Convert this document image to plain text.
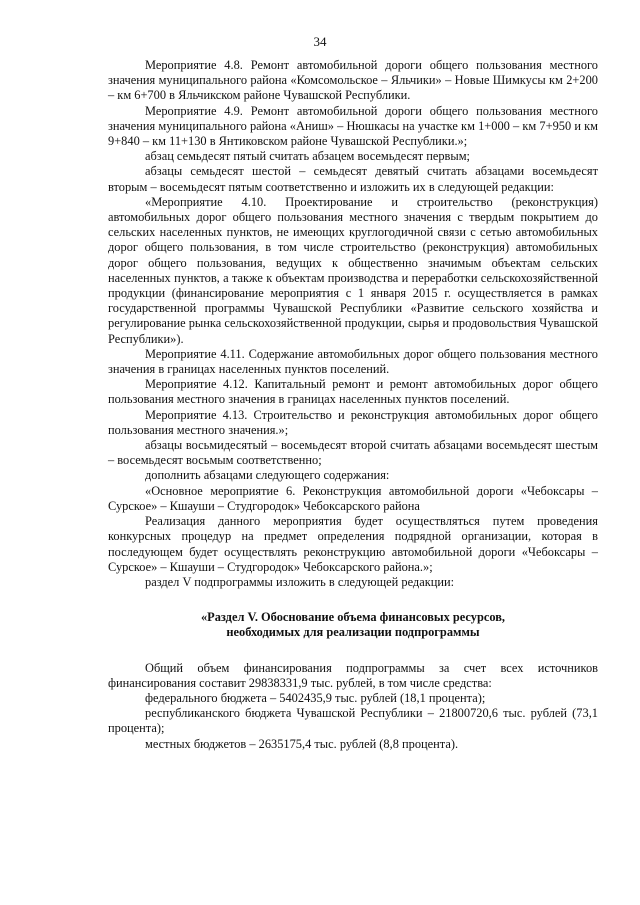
34

Мероприятие 4.8. Ремонт автомобильной дороги общего пользования местного значения муниципального района «Комсомольское – Яльчики» – Новые Шимкусы км 2+200 – км 6+700 в Яльчикском районе Чувашской Республики.

Мероприятие 4.9. Ремонт автомобильной дороги общего пользования местного значения муниципального района «Аниш» – Нюшкасы на участке км 1+000 – км 7+950 и км 9+840 – км 11+130 в Янтиковском районе Чувашской Республики.»;

абзац семьдесят пятый считать абзацем восемьдесят первым;

абзацы семьдесят шестой – семьдесят девятый считать абзацами восемьдесят вторым – восемьдесят пятым соответственно и изложить их в следующей редакции:

«Мероприятие 4.10. Проектирование и строительство (реконструкция) автомобильных дорог общего пользования местного значения с твердым покрытием до сельских населенных пунктов, не имеющих круглогодичной связи с сетью автомобильных дорог общего пользования, в том числе строительство (реконструкция) автомобильных дорог общего пользования, ведущих к общественно значимым объектам сельских населенных пунктов, а также к объектам производства и переработки сельскохозяйственной продукции (финансирование мероприятия с 1 января 2015 г. осуществляется в рамках государственной программы Чувашской Республики «Развитие сельского хозяйства и регулирование рынка сельскохозяйственной продукции, сырья и продовольствия Чувашской Республики»).

Мероприятие 4.11. Содержание автомобильных дорог общего пользования местного значения в границах населенных пунктов поселений.

Мероприятие 4.12. Капитальный ремонт и ремонт автомобильных дорог общего пользования местного значения в границах населенных пунктов поселений.

Мероприятие 4.13. Строительство и реконструкция автомобильных дорог общего пользования местного значения.»;

абзацы восьмидесятый – восемьдесят второй считать абзацами восемьдесят шестым – восемьдесят восьмым соответственно;

дополнить абзацами следующего содержания:

«Основное мероприятие 6. Реконструкция автомобильной дороги «Чебоксары – Сурское» – Кшауши – Студгородок» Чебоксарского района

Реализация данного мероприятия будет осуществляться путем проведения конкурсных процедур на предмет определения подрядной организации, которая в последующем будет осуществлять реконструкцию автомобильной дороги «Чебоксары – Сурское» – Кшауши – Студгородок» Чебоксарского района.»;

раздел V подпрограммы изложить в следующей редакции:

«Раздел V. Обоснование объема финансовых ресурсов,
необходимых для реализации подпрограммы

Общий объем финансирования подпрограммы за счет всех источников финансирования составит 29838331,9 тыс. рублей, в том числе средства:

федерального бюджета – 5402435,9 тыс. рублей (18,1 процента);

республиканского бюджета Чувашской Республики – 21800720,6 тыс. рублей (73,1 процента);

местных бюджетов – 2635175,4 тыс. рублей (8,8 процента).
